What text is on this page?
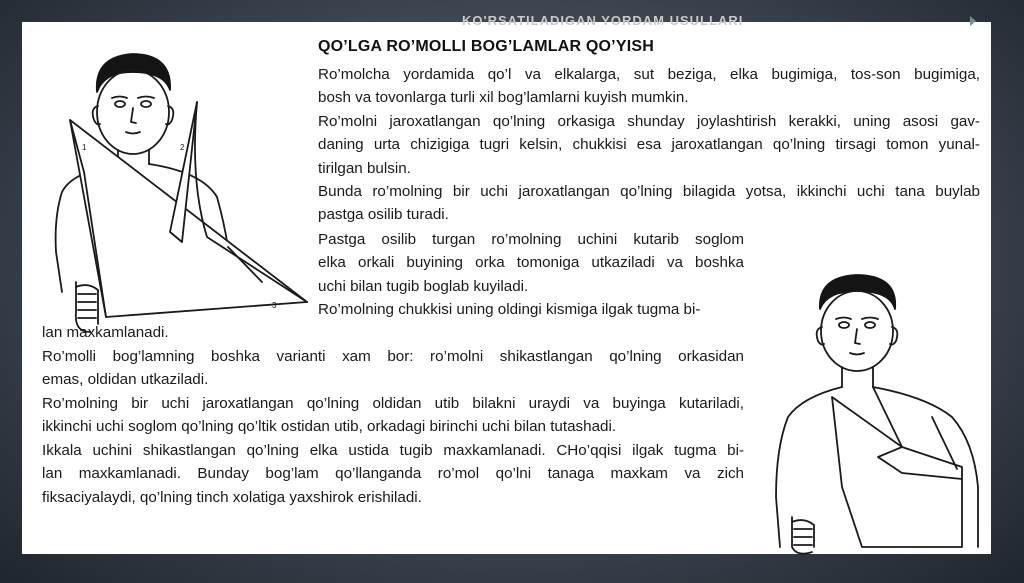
KO'RSATILADIGAN YORDAM USULLARI
QO’LGA RO’MOLLI BOG’LAMLAR QO’YISH
1	2
3
Ro’molcha yordamida qo’l va elkalarga, sut beziga, elka bugimiga, tos-son bugimiga,
bosh va tovonlarga turli xil bog’lamlarni kuyish mumkin.
Ro’molni jaroxatlangan qo’lning orkasiga shunday joylashtirish kerakki, uning asosi gav-
daning urta chizigiga tugri kelsin, chukkisi esa jaroxatlangan qo’lning tirsagi tomon yunal-
tirilgan bulsin.
Bunda ro’molning bir uchi jaroxatlangan qo’lning bilagida yotsa, ikkinchi uchi tana buylab
pastga osilib turadi.
Pastga osilib turgan ro’molning uchini kutarib soglom
elka orkali buyining orka tomoniga utkaziladi va boshka
uchi bilan tugib boglab kuyiladi.
Ro’molning chukkisi uning oldingi kismiga ilgak tugma bi-
lan maxkamlanadi.
Ro’molli bog’lamning boshka varianti xam bor: ro’molni shikastlangan qo’lning orkasidan
emas, oldidan utkaziladi.
Ro’molning bir uchi jaroxatlangan qo’lning oldidan utib bilakni uraydi va buyinga kutariladi,
ikkinchi uchi soglom qo’lning qo’ltik ostidan utib, orkadagi birinchi uchi bilan tutashadi.
Ikkala uchini shikastlangan qo’lning elka ustida tugib maxkamlanadi. CHo’qqisi ilgak tugma bi-
lan maxkamlanadi. Bunday bog’lam qo’llanganda ro’mol qo’lni tanaga maxkam va zich
fiksaciyalaydi, qo’lning tinch xolatiga yaxshirok erishiladi.
